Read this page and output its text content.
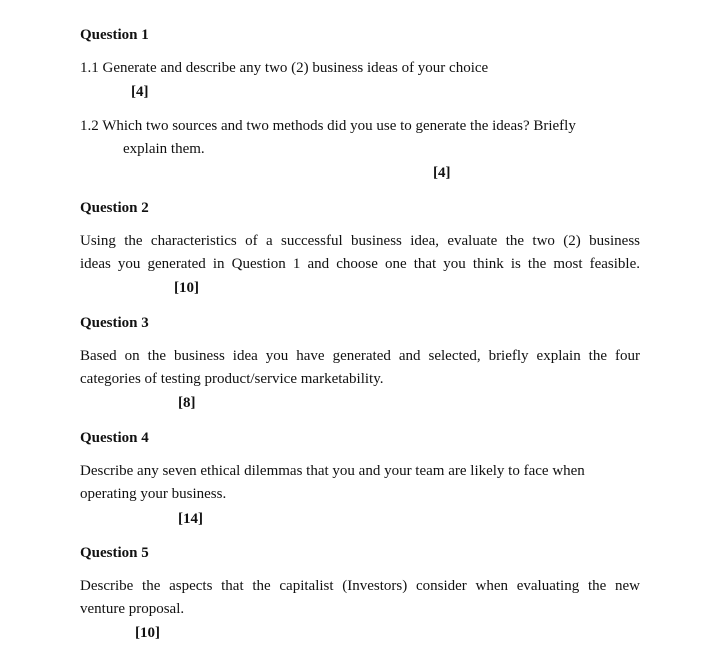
Question 1
1.1 Generate and describe any two (2) business ideas of your choice
[4]
1.2 Which two sources and two methods did you use to generate the ideas? Briefly
explain them.
[4]
Question 2
Using the characteristics of a successful business idea, evaluate the two (2) business
ideas you generated in Question 1 and choose one that you think is the most feasible.
[10]
Question 3
Based on the business idea you have generated and selected, briefly explain the four
categories of testing product/service marketability.
[8]
Question 4
Describe any seven ethical dilemmas that you and your team are likely to face when
operating your business.
[14]
Question 5
Describe the aspects that the capitalist (Investors) consider when evaluating the new
venture proposal.
[10]
